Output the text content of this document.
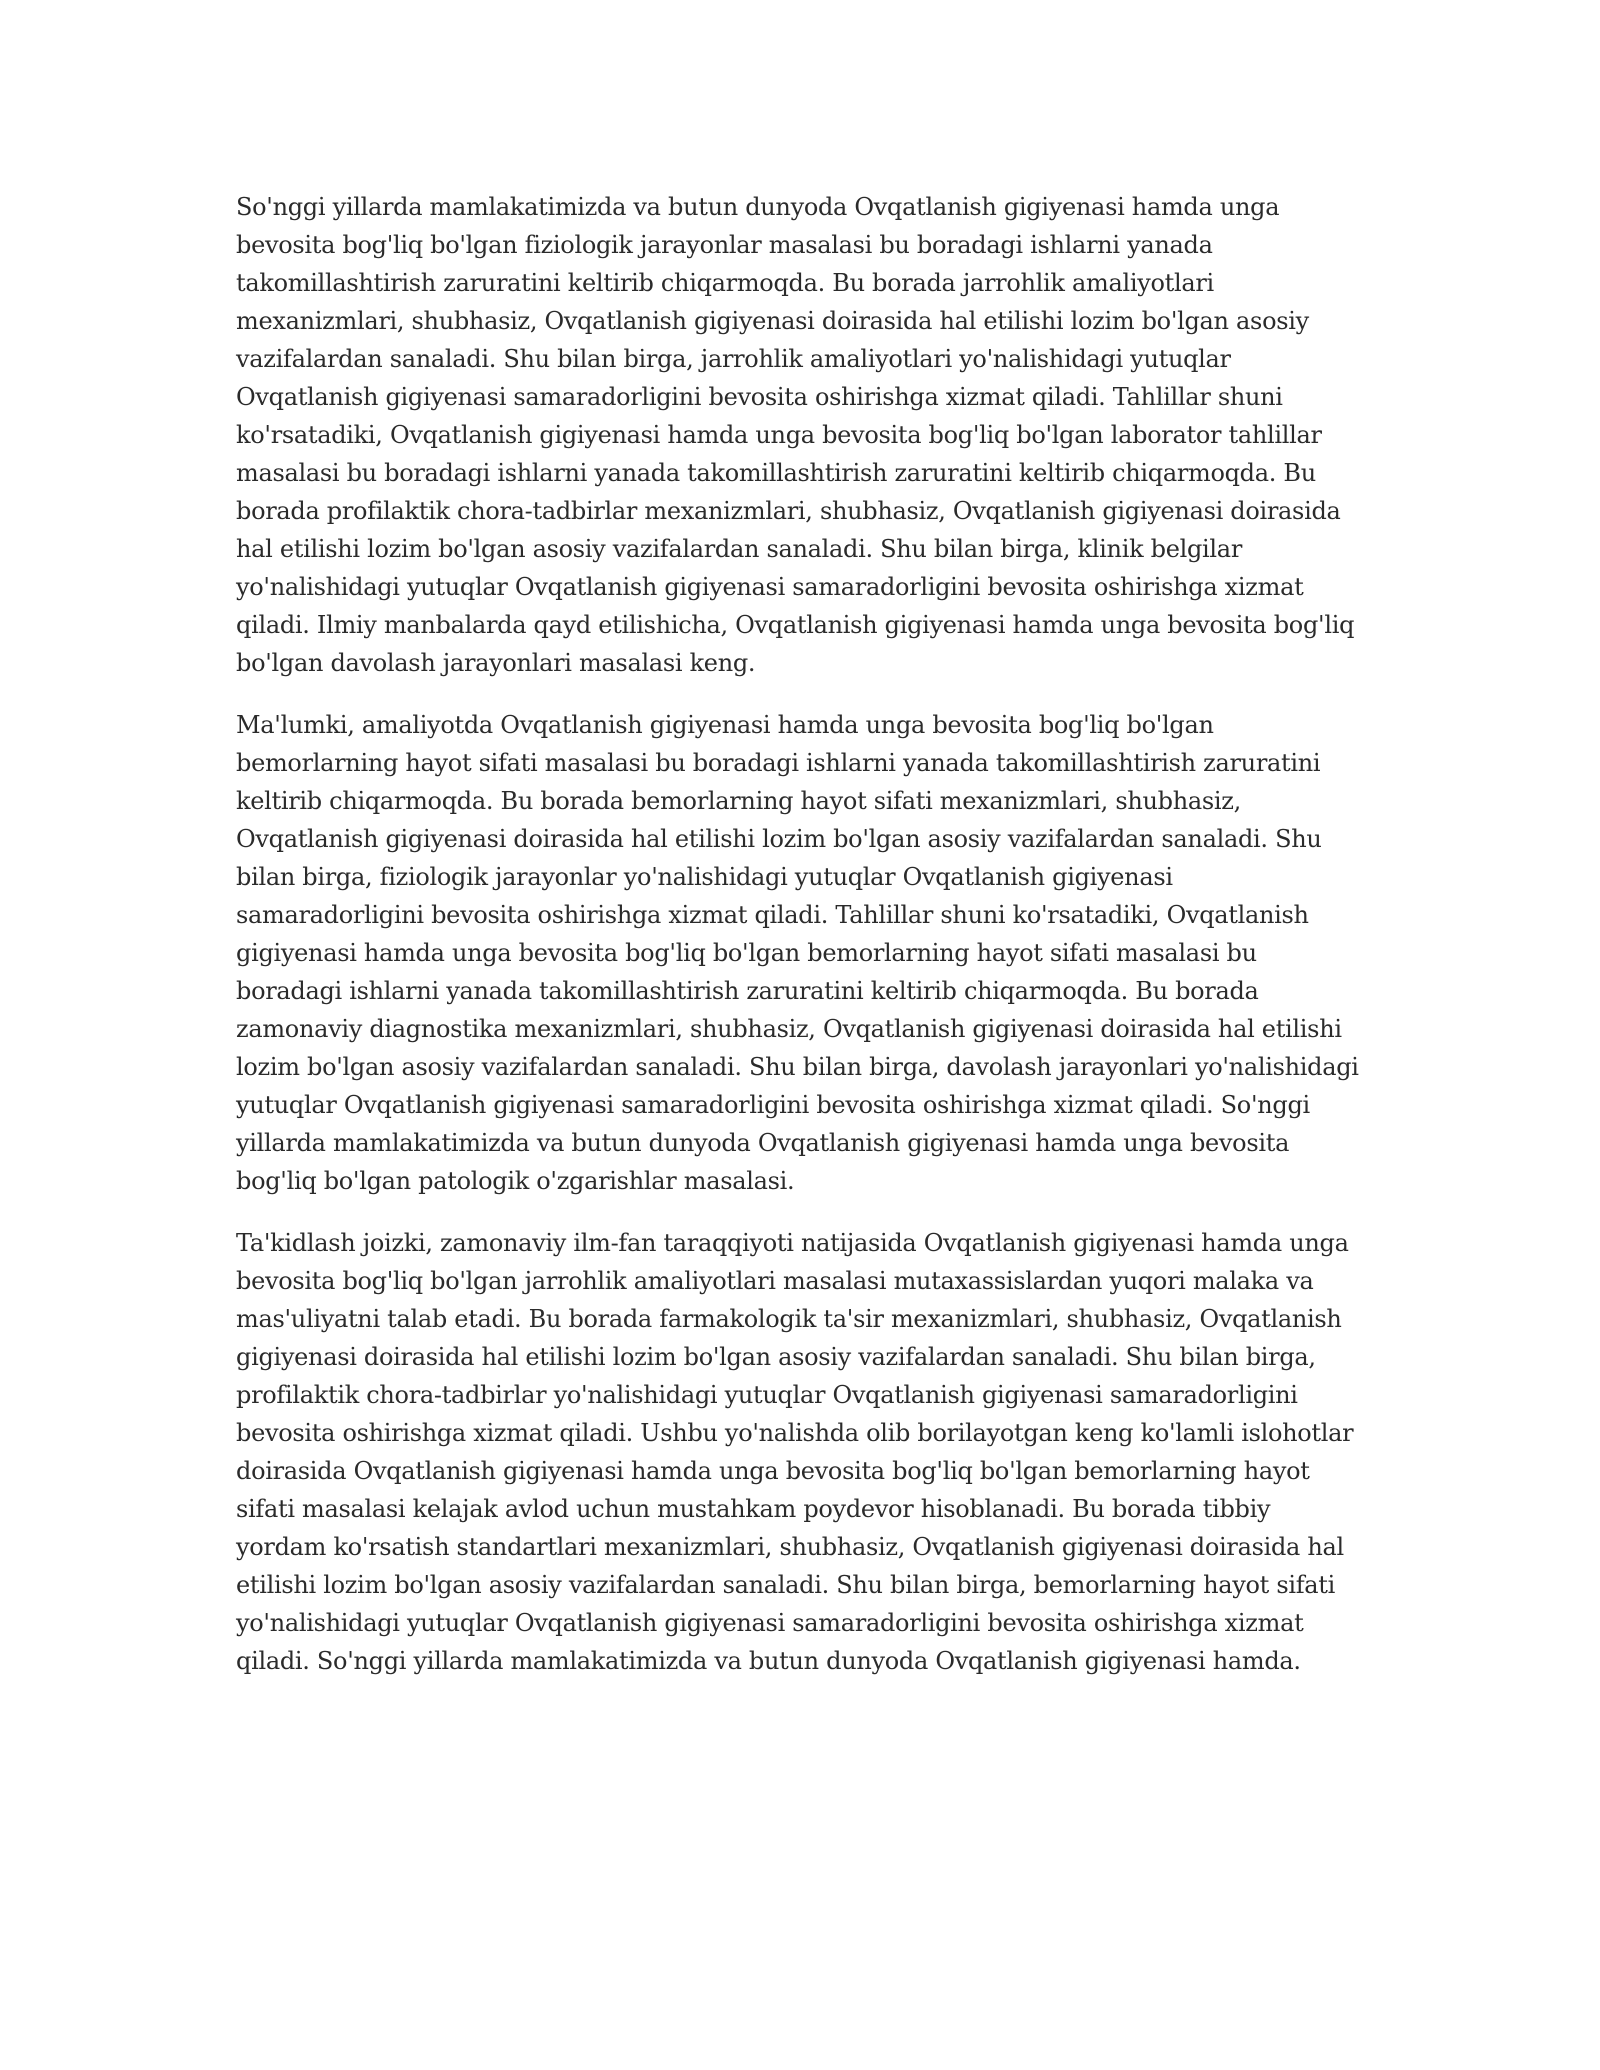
So'nggi yillarda mamlakatimizda va butun dunyoda Ovqatlanish gigiyenasi hamda unga bevosita bog'liq bo'lgan fiziologik jarayonlar masalasi bu boradagi ishlarni yanada takomillashtirish zaruratini keltirib chiqarmoqda. Bu borada jarrohlik amaliyotlari mexanizmlari, shubhasiz, Ovqatlanish gigiyenasi doirasida hal etilishi lozim bo'lgan asosiy vazifalardan sanaladi. Shu bilan birga, jarrohlik amaliyotlari yo'nalishidagi yutuqlar Ovqatlanish gigiyenasi samaradorligini bevosita oshirishga xizmat qiladi. Tahlillar shuni ko'rsatadiki, Ovqatlanish gigiyenasi hamda unga bevosita bog'liq bo'lgan laborator tahlillar masalasi bu boradagi ishlarni yanada takomillashtirish zaruratini keltirib chiqarmoqda. Bu borada profilaktik chora-tadbirlar mexanizmlari, shubhasiz, Ovqatlanish gigiyenasi doirasida hal etilishi lozim bo'lgan asosiy vazifalardan sanaladi. Shu bilan birga, klinik belgilar yo'nalishidagi yutuqlar Ovqatlanish gigiyenasi samaradorligini bevosita oshirishga xizmat qiladi. Ilmiy manbalarda qayd etilishicha, Ovqatlanish gigiyenasi hamda unga bevosita bog'liq bo'lgan davolash jarayonlari masalasi keng.

Ma'lumki, amaliyotda Ovqatlanish gigiyenasi hamda unga bevosita bog'liq bo'lgan bemorlarning hayot sifati masalasi bu boradagi ishlarni yanada takomillashtirish zaruratini keltirib chiqarmoqda. Bu borada bemorlarning hayot sifati mexanizmlari, shubhasiz, Ovqatlanish gigiyenasi doirasida hal etilishi lozim bo'lgan asosiy vazifalardan sanaladi. Shu bilan birga, fiziologik jarayonlar yo'nalishidagi yutuqlar Ovqatlanish gigiyenasi samaradorligini bevosita oshirishga xizmat qiladi. Tahlillar shuni ko'rsatadiki, Ovqatlanish gigiyenasi hamda unga bevosita bog'liq bo'lgan bemorlarning hayot sifati masalasi bu boradagi ishlarni yanada takomillashtirish zaruratini keltirib chiqarmoqda. Bu borada zamonaviy diagnostika mexanizmlari, shubhasiz, Ovqatlanish gigiyenasi doirasida hal etilishi lozim bo'lgan asosiy vazifalardan sanaladi. Shu bilan birga, davolash jarayonlari yo'nalishidagi yutuqlar Ovqatlanish gigiyenasi samaradorligini bevosita oshirishga xizmat qiladi. So'nggi yillarda mamlakatimizda va butun dunyoda Ovqatlanish gigiyenasi hamda unga bevosita bog'liq bo'lgan patologik o'zgarishlar masalasi.

Ta'kidlash joizki, zamonaviy ilm-fan taraqqiyoti natijasida Ovqatlanish gigiyenasi hamda unga bevosita bog'liq bo'lgan jarrohlik amaliyotlari masalasi mutaxassislardan yuqori malaka va mas'uliyatni talab etadi. Bu borada farmakologik ta'sir mexanizmlari, shubhasiz, Ovqatlanish gigiyenasi doirasida hal etilishi lozim bo'lgan asosiy vazifalardan sanaladi. Shu bilan birga, profilaktik chora-tadbirlar yo'nalishidagi yutuqlar Ovqatlanish gigiyenasi samaradorligini bevosita oshirishga xizmat qiladi. Ushbu yo'nalishda olib borilayotgan keng ko'lamli islohotlar doirasida Ovqatlanish gigiyenasi hamda unga bevosita bog'liq bo'lgan bemorlarning hayot sifati masalasi kelajak avlod uchun mustahkam poydevor hisoblanadi. Bu borada tibbiy yordam ko'rsatish standartlari mexanizmlari, shubhasiz, Ovqatlanish gigiyenasi doirasida hal etilishi lozim bo'lgan asosiy vazifalardan sanaladi. Shu bilan birga, bemorlarning hayot sifati yo'nalishidagi yutuqlar Ovqatlanish gigiyenasi samaradorligini bevosita oshirishga xizmat qiladi. So'nggi yillarda mamlakatimizda va butun dunyoda Ovqatlanish gigiyenasi hamda.
